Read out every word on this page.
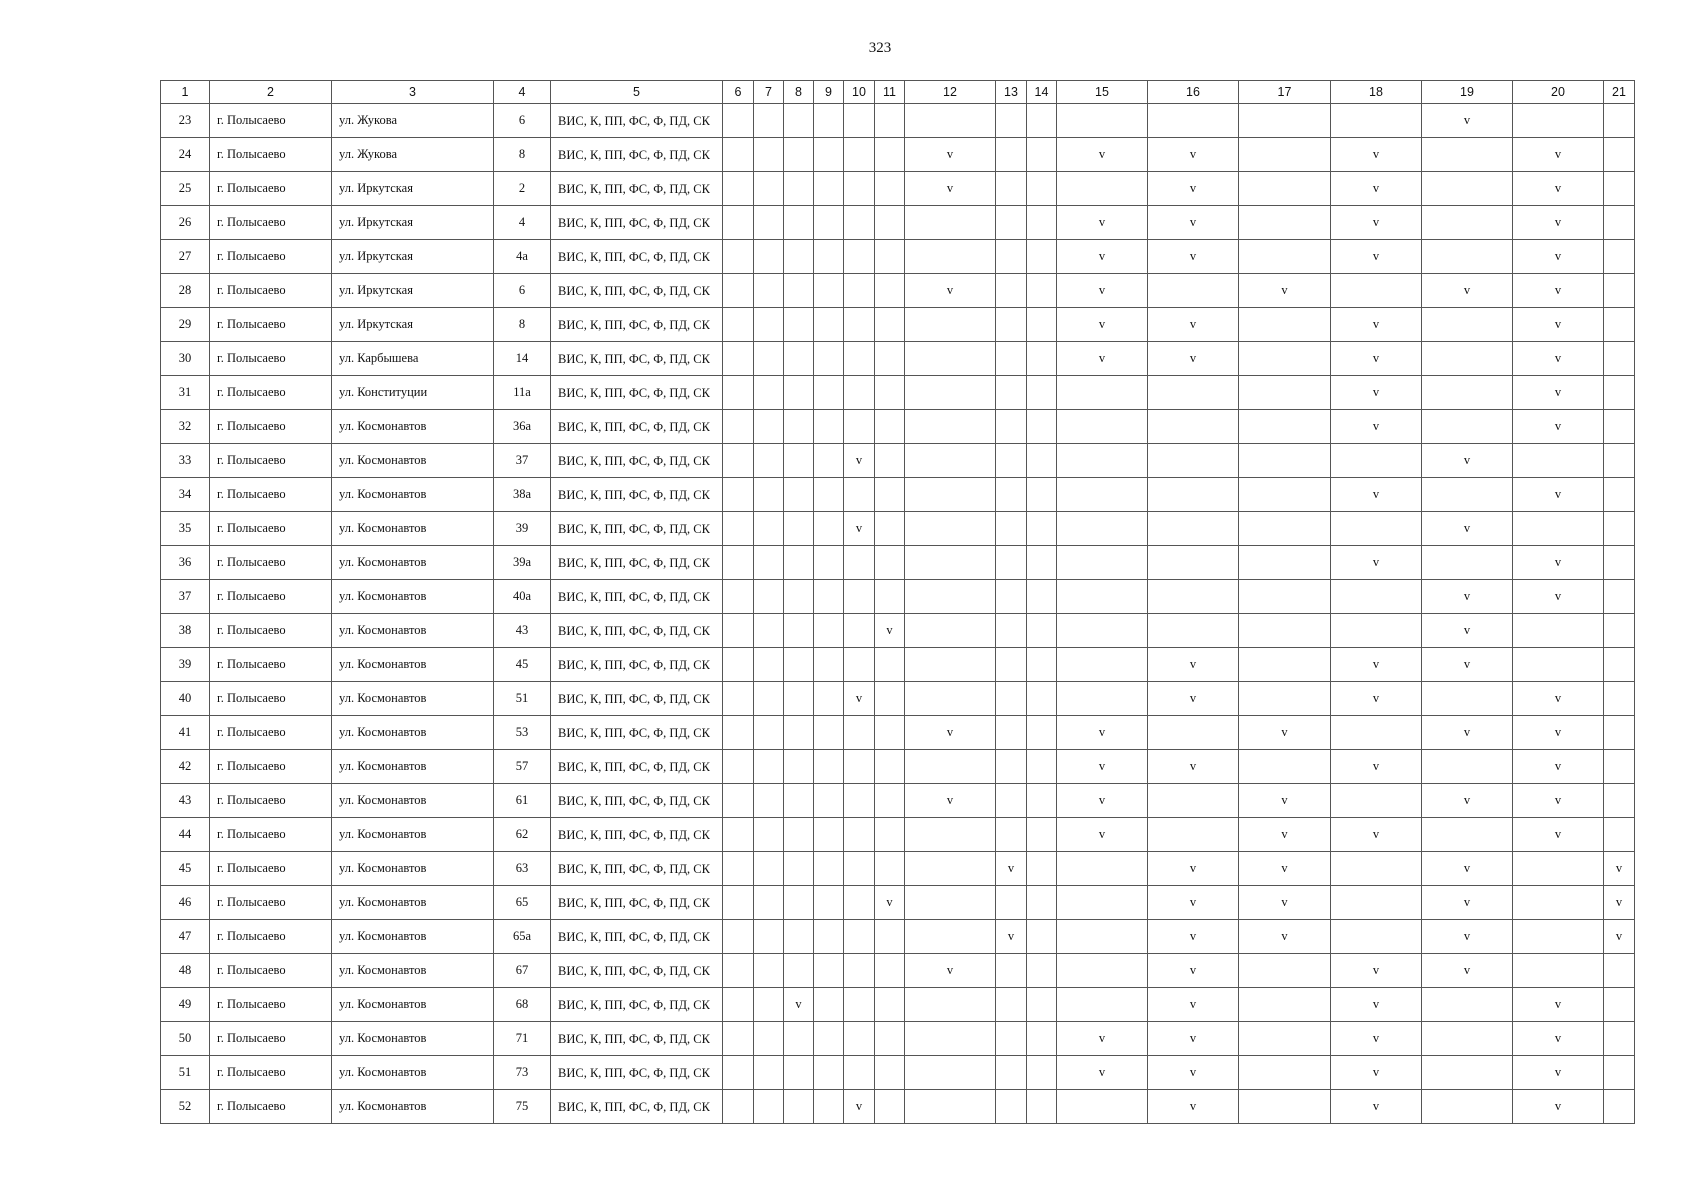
323
1	2	3	4	5	6	7	8	9	10	11	12	13	14	15	16	17	18	19	20	21
23	г. Полысаево	ул. Жукова	6	ВИС, К, ПП, ФС, Ф, ПД, СК														v		
24	г. Полысаево	ул. Жукова	8	ВИС, К, ПП, ФС, Ф, ПД, СК							v			v	v		v		v	
25	г. Полысаево	ул. Иркутская	2	ВИС, К, ПП, ФС, Ф, ПД, СК							v				v		v		v	
26	г. Полысаево	ул. Иркутская	4	ВИС, К, ПП, ФС, Ф, ПД, СК										v	v		v		v	
27	г. Полысаево	ул. Иркутская	4а	ВИС, К, ПП, ФС, Ф, ПД, СК										v	v		v		v	
28	г. Полысаево	ул. Иркутская	6	ВИС, К, ПП, ФС, Ф, ПД, СК							v			v		v		v	v	
29	г. Полысаево	ул. Иркутская	8	ВИС, К, ПП, ФС, Ф, ПД, СК										v	v		v		v	
30	г. Полысаево	ул. Карбышева	14	ВИС, К, ПП, ФС, Ф, ПД, СК										v	v		v		v	
31	г. Полысаево	ул. Конституции	11а	ВИС, К, ПП, ФС, Ф, ПД, СК													v		v	
32	г. Полысаево	ул. Космонавтов	36а	ВИС, К, ПП, ФС, Ф, ПД, СК													v		v	
33	г. Полысаево	ул. Космонавтов	37	ВИС, К, ПП, ФС, Ф, ПД, СК					v									v		
34	г. Полысаево	ул. Космонавтов	38а	ВИС, К, ПП, ФС, Ф, ПД, СК													v		v	
35	г. Полысаево	ул. Космонавтов	39	ВИС, К, ПП, ФС, Ф, ПД, СК					v									v		
36	г. Полысаево	ул. Космонавтов	39а	ВИС, К, ПП, ФС, Ф, ПД, СК													v		v	
37	г. Полысаево	ул. Космонавтов	40а	ВИС, К, ПП, ФС, Ф, ПД, СК														v	v	
38	г. Полысаево	ул. Космонавтов	43	ВИС, К, ПП, ФС, Ф, ПД, СК						v								v		
39	г. Полысаево	ул. Космонавтов	45	ВИС, К, ПП, ФС, Ф, ПД, СК											v		v	v		
40	г. Полысаево	ул. Космонавтов	51	ВИС, К, ПП, ФС, Ф, ПД, СК					v						v		v		v	
41	г. Полысаево	ул. Космонавтов	53	ВИС, К, ПП, ФС, Ф, ПД, СК							v			v		v		v	v	
42	г. Полысаево	ул. Космонавтов	57	ВИС, К, ПП, ФС, Ф, ПД, СК										v	v		v		v	
43	г. Полысаево	ул. Космонавтов	61	ВИС, К, ПП, ФС, Ф, ПД, СК							v			v		v		v	v	
44	г. Полысаево	ул. Космонавтов	62	ВИС, К, ПП, ФС, Ф, ПД, СК										v		v	v		v	
45	г. Полысаево	ул. Космонавтов	63	ВИС, К, ПП, ФС, Ф, ПД, СК								v			v	v		v		v
46	г. Полысаево	ул. Космонавтов	65	ВИС, К, ПП, ФС, Ф, ПД, СК						v					v	v		v		v
47	г. Полысаево	ул. Космонавтов	65а	ВИС, К, ПП, ФС, Ф, ПД, СК								v			v	v		v		v
48	г. Полысаево	ул. Космонавтов	67	ВИС, К, ПП, ФС, Ф, ПД, СК							v				v		v	v		
49	г. Полысаево	ул. Космонавтов	68	ВИС, К, ПП, ФС, Ф, ПД, СК			v								v		v		v	
50	г. Полысаево	ул. Космонавтов	71	ВИС, К, ПП, ФС, Ф, ПД, СК										v	v		v		v	
51	г. Полысаево	ул. Космонавтов	73	ВИС, К, ПП, ФС, Ф, ПД, СК										v	v		v		v	
52	г. Полысаево	ул. Космонавтов	75	ВИС, К, ПП, ФС, Ф, ПД, СК					v						v		v		v	
